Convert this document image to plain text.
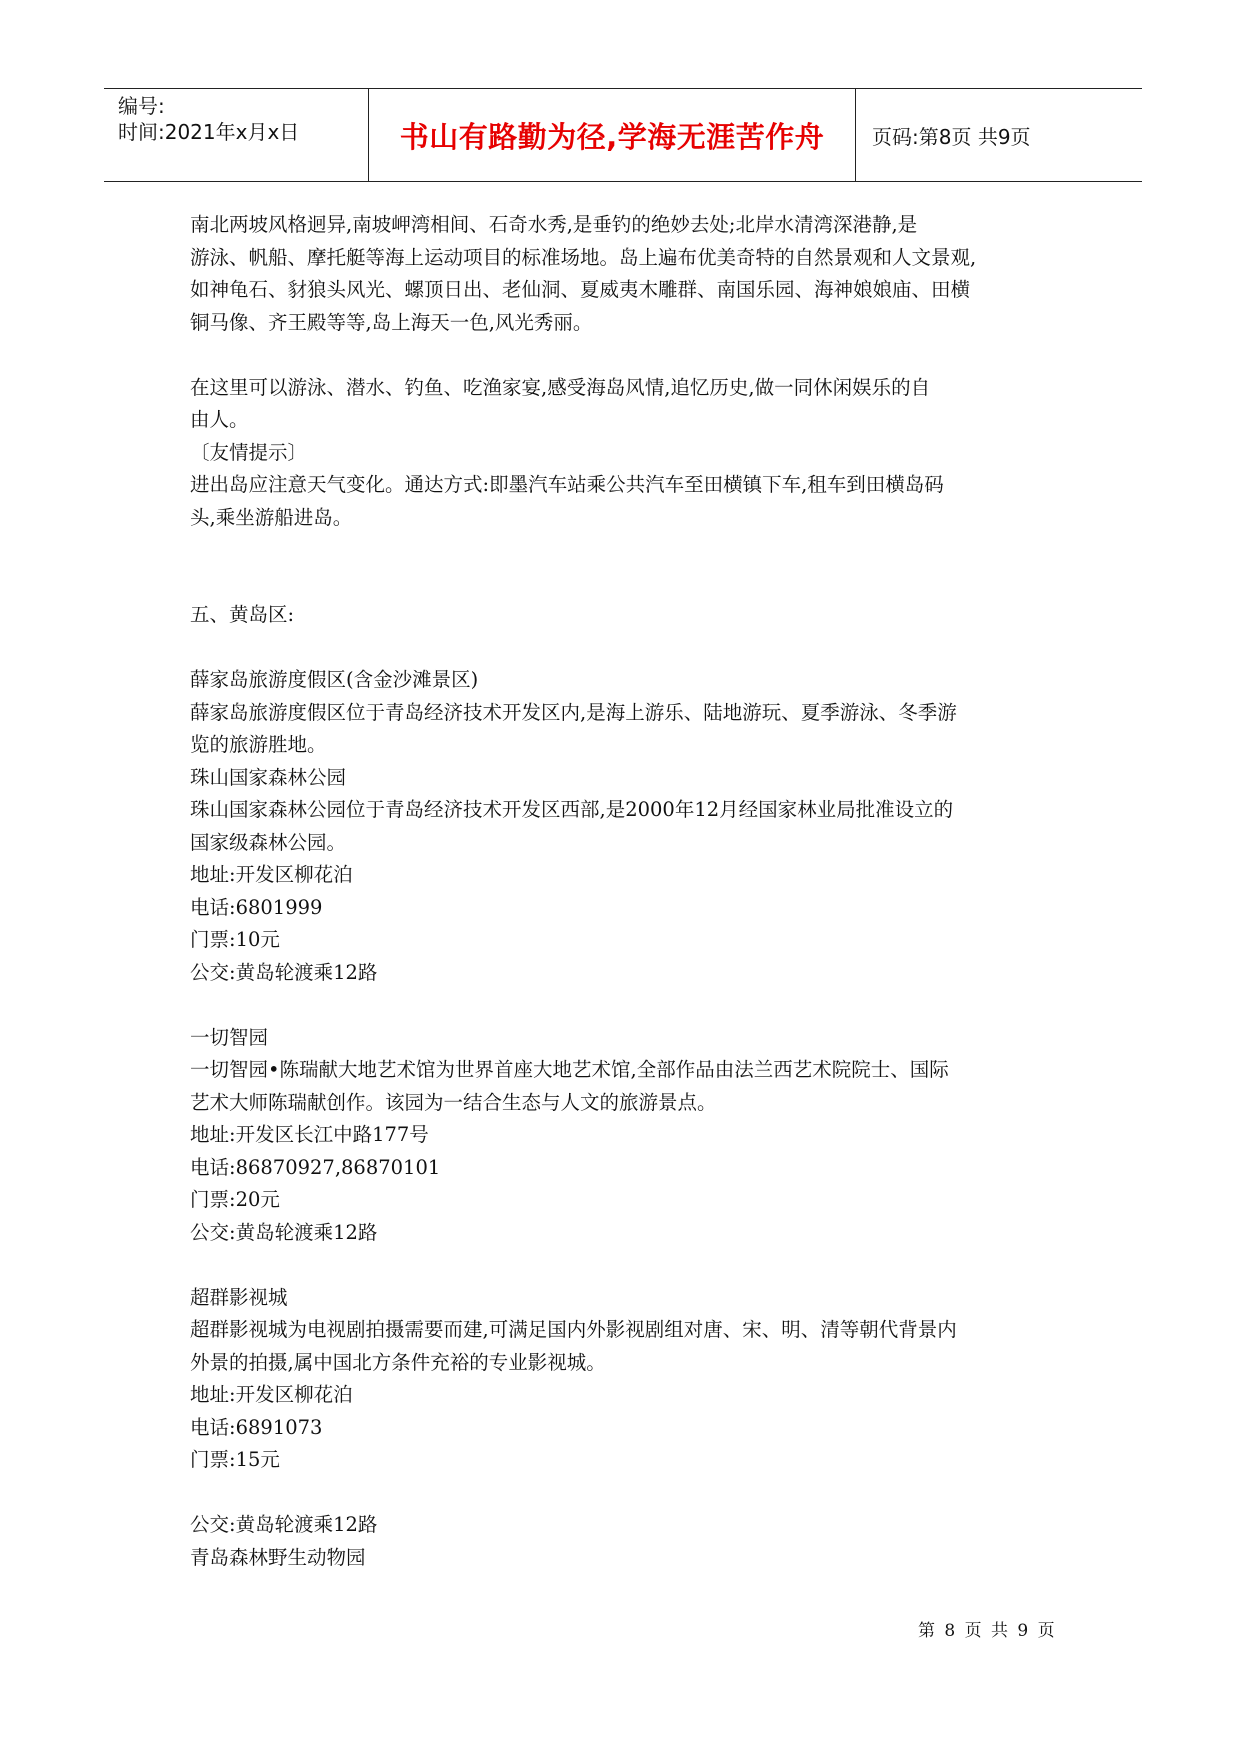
编号:
时间:2021年x月x日	书山有路勤为径,学海无涯苦作舟	页码:第8页 共9页
南北两坡风格迥异,南坡岬湾相间、石奇水秀,是垂钓的绝妙去处;北岸水清湾深港静,是
游泳、帆船、摩托艇等海上运动项目的标准场地。岛上遍布优美奇特的自然景观和人文景观,
如神龟石、豺狼头风光、螺顶日出、老仙洞、夏威夷木雕群、南国乐园、海神娘娘庙、田横
铜马像、齐王殿等等,岛上海天一色,风光秀丽。
在这里可以游泳、潜水、钓鱼、吃渔家宴,感受海岛风情,追忆历史,做一同休闲娱乐的自
由人。
〔友情提示〕
进出岛应注意天气变化。通达方式:即墨汽车站乘公共汽车至田横镇下车,租车到田横岛码
头,乘坐游船进岛。
五、黄岛区:
薛家岛旅游度假区(含金沙滩景区)
薛家岛旅游度假区位于青岛经济技术开发区内,是海上游乐、陆地游玩、夏季游泳、冬季游
览的旅游胜地。
珠山国家森林公园
珠山国家森林公园位于青岛经济技术开发区西部,是2000年12月经国家林业局批准设立的
国家级森林公园。
地址:开发区柳花泊
电话:6801999
门票:10元
公交:黄岛轮渡乘12路
一切智园
一切智园•陈瑞献大地艺术馆为世界首座大地艺术馆,全部作品由法兰西艺术院院士、国际
艺术大师陈瑞献创作。该园为一结合生态与人文的旅游景点。
地址:开发区长江中路177号
电话:86870927,86870101
门票:20元
公交:黄岛轮渡乘12路
超群影视城
超群影视城为电视剧拍摄需要而建,可满足国内外影视剧组对唐、宋、明、清等朝代背景内
外景的拍摄,属中国北方条件充裕的专业影视城。
地址:开发区柳花泊
电话:6891073
门票:15元
公交:黄岛轮渡乘12路
青岛森林野生动物园
第 8 页 共 9 页
